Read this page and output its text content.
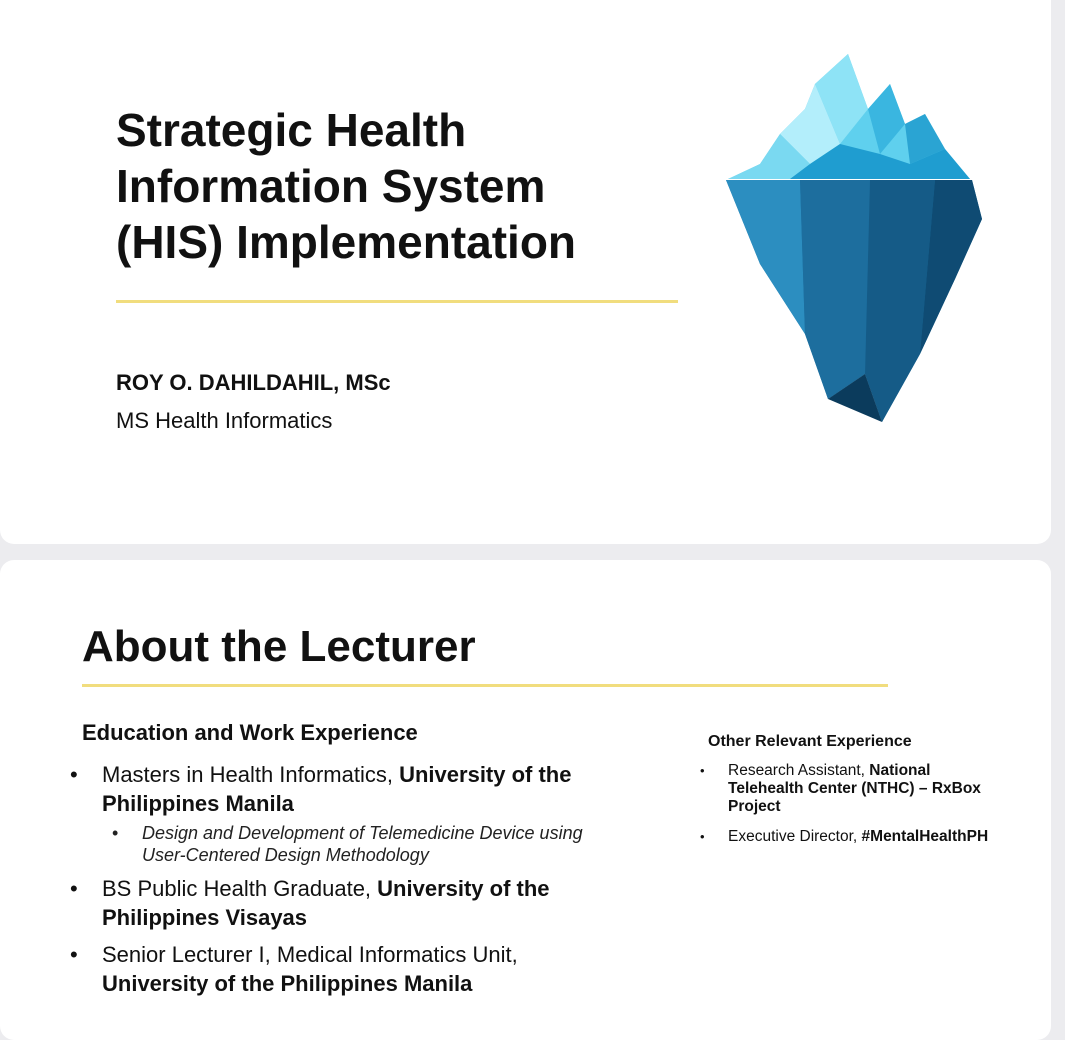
Strategic Health
Information System
(HIS) Implementation
ROY O. DAHILDAHIL, MSc
MS Health Informatics
About the Lecturer
Education and Work Experience
• Masters in Health Informatics, University of the Philippines Manila
• Design and Development of Telemedicine Device using User-Centered Design Methodology
• BS Public Health Graduate, University of the Philippines Visayas
• Senior Lecturer I, Medical Informatics Unit, University of the Philippines Manila
Other Relevant Experience
• Research Assistant, National Telehealth Center (NTHC) – RxBox Project
• Executive Director, #MentalHealthPH
